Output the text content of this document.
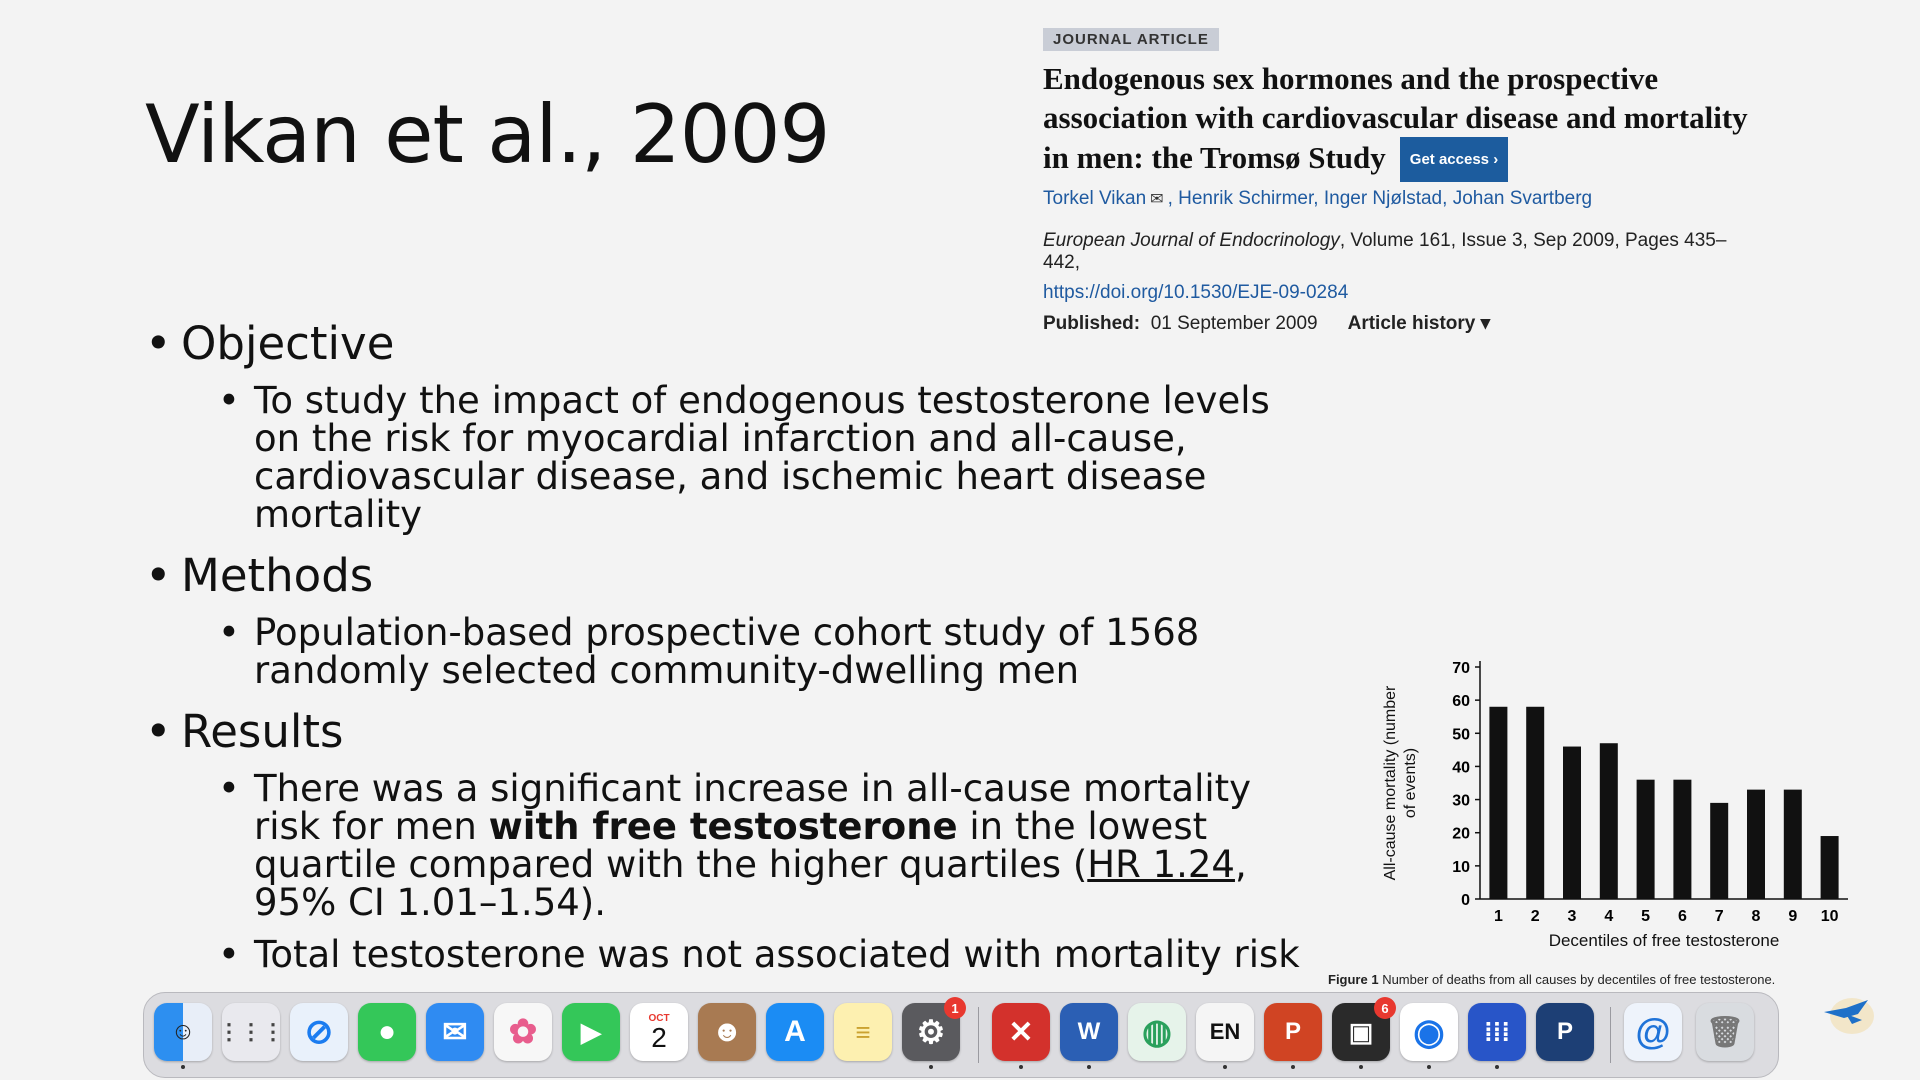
Vikan et al., 2009
• Objective
• To study the impact of endogenous testosterone levels on the risk for myocardial infarction and all-cause, cardiovascular disease, and ischemic heart disease mortality
• Methods
• Population-based prospective cohort study of 1568 randomly selected community-dwelling men
• Results
• There was a significant increase in all-cause mortality risk for men with free testosterone in the lowest quartile compared with the higher quartiles (HR 1.24, 95% CI 1.01–1.54).
• Total testosterone was not associated with mortality risk
JOURNAL ARTICLE
Endogenous sex hormones and the prospective association with cardiovascular disease and mortality in men: the Tromsø Study Get access ›
Torkel Vikan ✉ , Henrik Schirmer, Inger Njølstad, Johan Svartberg
European Journal of Endocrinology, Volume 161, Issue 3, Sep 2009, Pages 435–442,
https://doi.org/10.1530/EJE-09-0284
Published: 01 September 2009 Article history ▾
0
10
20
30
40
50
60
70
1 2 3 4 5 6 7 8 9 10
Decentiles of free testosterone
All-cause mortality (number of events)
Figure 1 Number of deaths from all causes by decentiles of free testosterone.
☺	⋮⋮⋮ ⊘	●	✉	✿	▶	OCT
2	☻	A	≡	⚙
1
✕	W	◍	EN P	▣
6
◉	⁞⁞⁞	P	@	🗑
